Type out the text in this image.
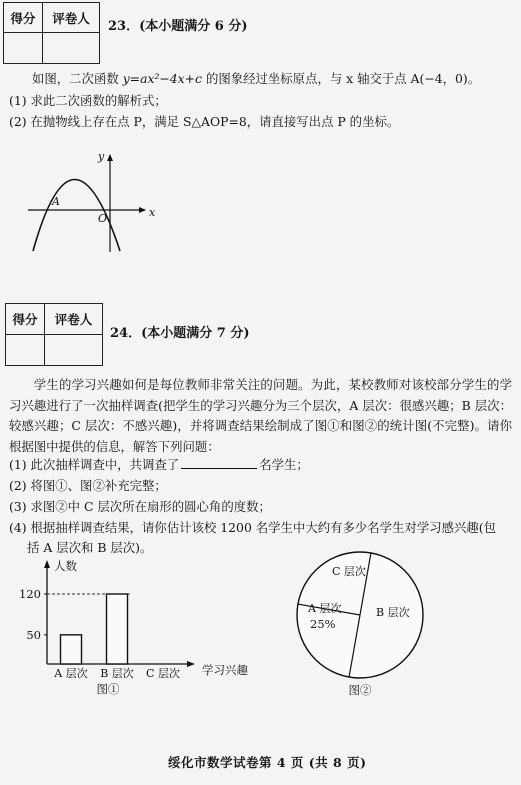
得分	评卷人

23．(本小题满分 6 分)
如图，二次函数 y=ax²−4x+c 的图象经过坐标原点，与 x 轴交于点 A(−4，0)。
(1) 求此二次函数的解析式；
(2) 在抛物线上存在点 P，满足 S△AOP=8，请直接写出点 P 的坐标。
x
y
O
A
得分	评卷人

24．(本小题满分 7 分)
学生的学习兴趣如何是每位教师非常关注的问题。为此，某校教师对该校部分学生的学习兴趣进行了一次抽样调查(把学生的学习兴趣分为三个层次，A 层次：很感兴趣；B 层次：较感兴趣；C 层次：不感兴趣)，并将调查结果绘制成了图①和图②的统计图(不完整)。请你根据图中提供的信息，解答下列问题：
(1) 此次抽样调查中，共调查了	名学生；
(2) 将图①、图②补充完整；
(3) 求图②中 C 层次所在扇形的圆心角的度数；
(4) 根据抽样调查结果，请你估计该校 1200 名学生中大约有多少名学生对学习感兴趣(包
括 A 层次和 B 层次)。
人数
学习兴趣
50
120
A 层次 B 层次 C 层次
图①
C 层次
A 层次
25%
B 层次
图②
绥化市数学试卷第 4 页 (共 8 页)
